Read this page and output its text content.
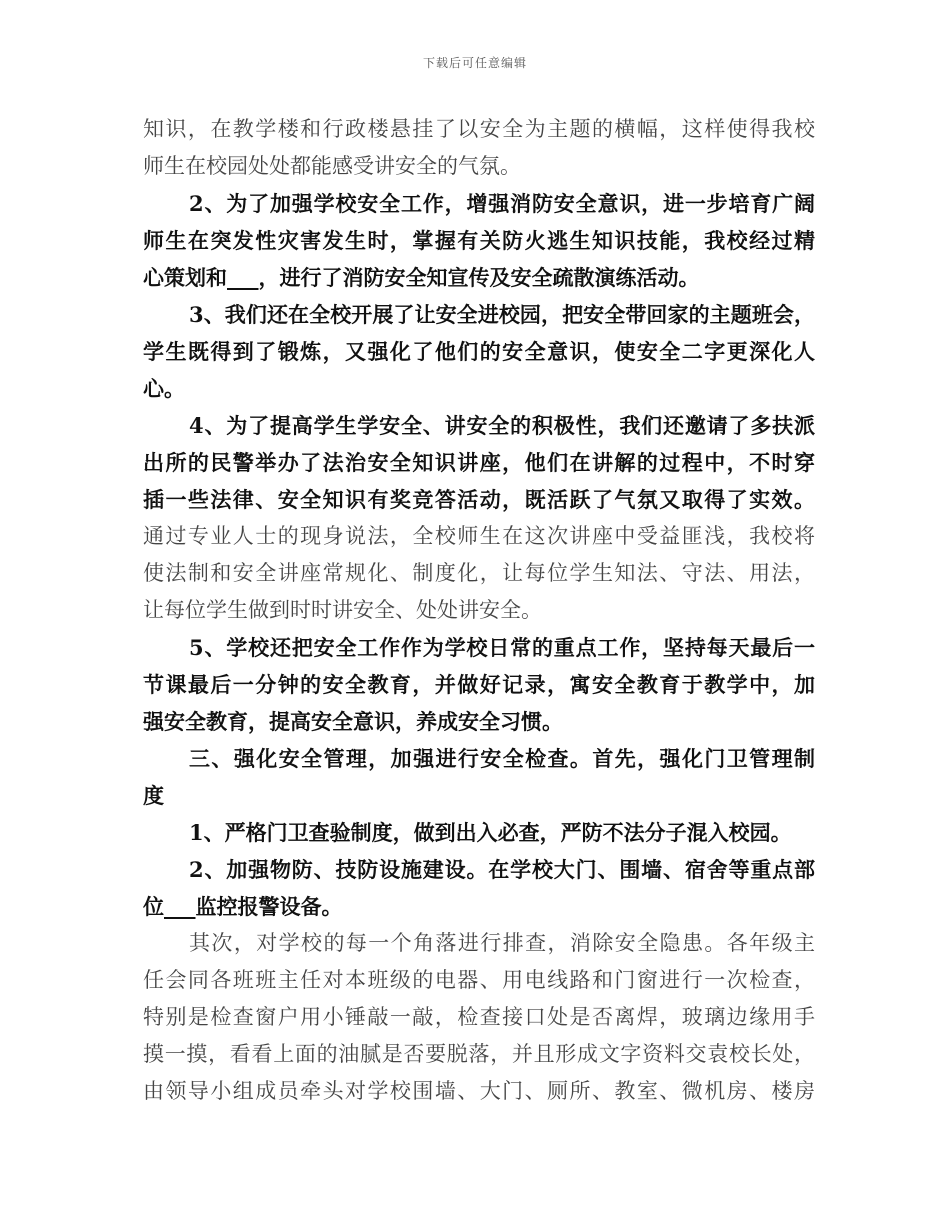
下载后可任意编辑
知识，在教学楼和行政楼悬挂了以安全为主题的横幅，这样使得我校
师生在校园处处都能感受讲安全的气氛。
2、为了加强学校安全工作，增强消防安全意识，进一步培育广阔
师生在突发性灾害发生时，掌握有关防火逃生知识技能，我校经过精
心策划和___，进行了消防安全知宣传及安全疏散演练活动。
3、我们还在全校开展了让安全进校园，把安全带回家的主题班会，
学生既得到了锻炼，又强化了他们的安全意识，使安全二字更深化人
心。
4、为了提高学生学安全、讲安全的积极性，我们还邀请了多扶派
出所的民警举办了法治安全知识讲座，他们在讲解的过程中，不时穿
插一些法律、安全知识有奖竞答活动，既活跃了气氛又取得了实效。
通过专业人士的现身说法，全校师生在这次讲座中受益匪浅，我校将
使法制和安全讲座常规化、制度化，让每位学生知法、守法、用法，
让每位学生做到时时讲安全、处处讲安全。
5、学校还把安全工作作为学校日常的重点工作，坚持每天最后一
节课最后一分钟的安全教育，并做好记录，寓安全教育于教学中，加
强安全教育，提高安全意识，养成安全习惯。
三、强化安全管理，加强进行安全检查。首先，强化门卫管理制
度
1、严格门卫查验制度，做到出入必查，严防不法分子混入校园。
2、加强物防、技防设施建设。在学校大门、围墙、宿舍等重点部
位___监控报警设备。
其次，对学校的每一个角落进行排查，消除安全隐患。各年级主
任会同各班班主任对本班级的电器、用电线路和门窗进行一次检查，
特别是检查窗户用小锤敲一敲，检查接口处是否离焊，玻璃边缘用手
摸一摸，看看上面的油腻是否要脱落，并且形成文字资料交袁校长处，
由领导小组成员牵头对学校围墙、大门、厕所、教室、微机房、楼房
